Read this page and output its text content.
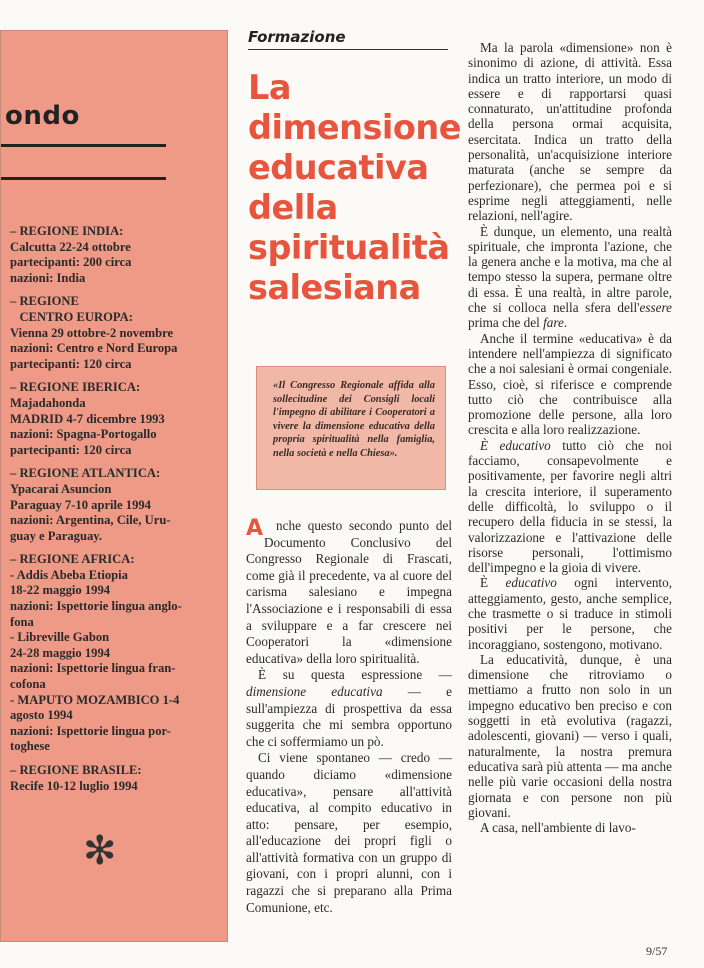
ondo
– REGIONE INDIA:
Calcutta 22-24 ottobre
partecipanti: 200 circa
nazioni: India
– REGIONE
CENTRO EUROPA:
Vienna 29 ottobre-2 novembre
nazioni: Centro e Nord Europa
partecipanti: 120 circa
– REGIONE IBERICA:
Majadahonda
MADRID 4-7 dicembre 1993
nazioni: Spagna-Portogallo
partecipanti: 120 circa
– REGIONE ATLANTICA:
Ypacarai Asuncion
Paraguay 7-10 aprile 1994
nazioni: Argentina, Cile, Uru-
guay e Paraguay.
– REGIONE AFRICA:
- Addis Abeba Etiopia
18-22 maggio 1994
nazioni: Ispettorie lingua anglo-
fona
- Libreville Gabon
24-28 maggio 1994
nazioni: Ispettorie lingua fran-
cofona
- MAPUTO MOZAMBICO 1-4
agosto 1994
nazioni: Ispettorie lingua por-
toghese
– REGIONE BRASILE:
Recife 10-12 luglio 1994
✻
Formazione
La dimensione educativa della spiritualità salesiana
«Il Congresso Regionale affida alla sollecitudine dei Consigli locali l'impegno di abilitare i Cooperatori a vivere la dimensione educativa della propria spiritualità nella famiglia, nella società e nella Chiesa».

Anche questo secondo punto del Documento Conclusivo del Congresso Regionale di Frascati, come già il precedente, va al cuore del carisma salesiano e impegna l'Associazione e i responsabili di essa a sviluppare e a far crescere nei Cooperatori la «dimensione educativa» della loro spiritualità.

È su questa espressione — dimensione educativa — e sull'ampiezza di prospettiva da essa suggerita che mi sembra opportuno che ci soffermiamo un pò.

Ci viene spontaneo — credo — quando diciamo «dimensione educativa», pensare all'attività educativa, al compito educativo in atto: pensare, per esempio, all'educazione dei propri figli o all'attività formativa con un gruppo di giovani, con i propri alunni, con i ragazzi che si preparano alla Prima Comunione, etc.

Ma la parola «dimensione» non è sinonimo di azione, di attività. Essa indica un tratto interiore, un modo di essere e di rapportarsi quasi connaturato, un'attitudine profonda della persona ormai acquisita, esercitata. Indica un tratto della personalità, un'acquisizione interiore maturata (anche se sempre da perfezionare), che permea poi e si esprime negli atteggiamenti, nelle relazioni, nell'agire.

È dunque, un elemento, una realtà spirituale, che impronta l'azione, che la genera anche e la motiva, ma che al tempo stesso la supera, permane oltre di essa. È una realtà, in altre parole, che si colloca nella sfera dell'essere prima che del fare.

Anche il termine «educativa» è da intendere nell'ampiezza di significato che a noi salesiani è ormai congeniale. Esso, cioè, si riferisce e comprende tutto ciò che contribuisce alla promozione delle persone, alla loro crescita e alla loro realizzazione.

È educativo tutto ciò che noi facciamo, consapevolmente e positivamente, per favorire negli altri la crescita interiore, il superamento delle difficoltà, lo sviluppo o il recupero della fiducia in se stessi, la valorizzazione e l'attivazione delle risorse personali, l'ottimismo dell'impegno e la gioia di vivere.

È educativo ogni intervento, atteggiamento, gesto, anche semplice, che trasmette o si traduce in stimoli positivi per le persone, che incoraggiano, sostengono, motivano.

La educatività, dunque, è una dimensione che ritroviamo o mettiamo a frutto non solo in un impegno educativo ben preciso e con soggetti in età evolutiva (ragazzi, adolescenti, giovani) — verso i quali, naturalmente, la nostra premura educativa sarà più attenta — ma anche nelle più varie occasioni della nostra giornata e con persone non più giovani.

A casa, nell'ambiente di lavo-

9/57
